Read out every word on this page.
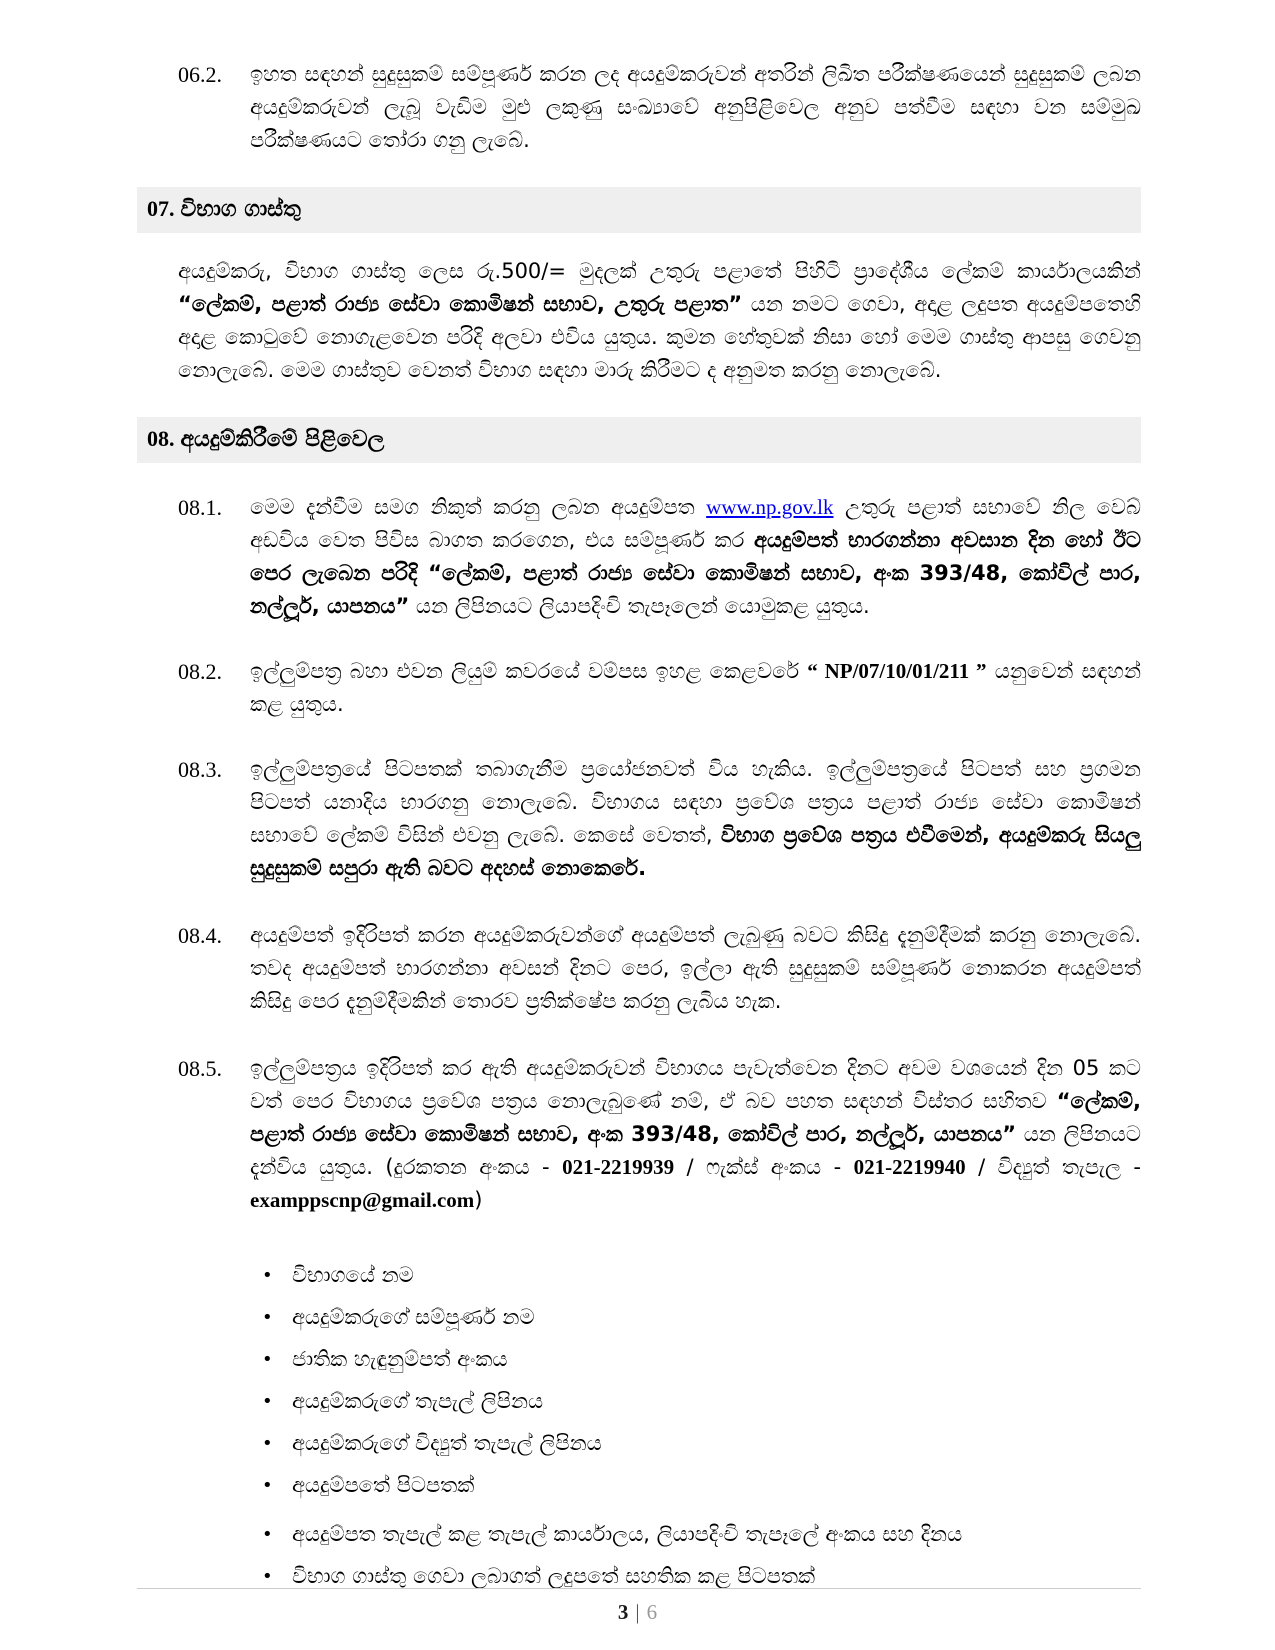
06.2.	ඉහත සඳහන් සුදුසුකම් සම්පූර්ණ කරන ලද අයදුම්කරුවන් අතරින් ලිඛිත පරීක්ෂණයෙන් සුදුසුකම් ලබන අයදුම්කරුවන් ලැබූ වැඩිම මුළු ලකුණු සංඛ්‍යාවේ අනුපිළිවෙල අනුව පත්වීම සඳහා වන සම්මුඛ පරීක්ෂණයට තෝරා ගනු ලැබේ.
07. විභාග ගාස්තු
අයදුම්කරු, විභාග ගාස්තු ලෙස රු.500/= මුදලක් උතුරු පළාතේ පිහිටි ප්‍රාදේශීය ලේකම් කාර්යාලයකින් “ලේකම්, පළාත් රාජ්‍ය සේවා කොමිෂන් සභාව, උතුරු පළාත” යන නමට ගෙවා, අදාළ ලදුපත අයදුම්පතෙහි අදාළ කොටුවේ නොගැළවෙන පරිදි අලවා එවිය යුතුය. කුමන හේතුවක් නිසා හෝ මෙම ගාස්තු ආපසු ගෙවනු නොලැබේ. මෙම ගාස්තුව වෙනත් විභාග සඳහා මාරු කිරීමට ද අනුමත කරනු නොලැබේ.
08. අයදුම්කිරීමේ පිළිවෙල
08.1.	මෙම දැන්වීම සමග නිකුත් කරනු ලබන අයදුම්පත www.np.gov.lk උතුරු පළාත් සභාවේ නිල වෙබ් අඩවිය වෙත පිවිස බාගත කරගෙන, එය සම්පූර්ණ කර අයදුම්පත් භාරගන්නා අවසාන දින හෝ ඊට පෙර ලැබෙන පරිදි “ලේකම්, පළාත් රාජ්‍ය සේවා කොමිෂන් සභාව, අංක 393/48, කෝවිල් පාර, නල්ලූර්, යාපනය” යන ලිපිනයට ලියාපදිංචි තැපෑලෙන් යොමුකළ යුතුය.
08.2.	ඉල්ලුම්පත්‍ර බහා එවන ලියුම් කවරයේ වම්පස ඉහළ කෙළවරේ “ NP/07/10/01/211 ” යනුවෙන් සඳහන් කළ යුතුය.
08.3.	ඉල්ලුම්පත්‍රයේ පිටපතක් තබාගැනීම ප්‍රයෝජනවත් විය හැකිය. ඉල්ලුම්පත්‍රයේ පිටපත් සහ ප්‍රගමන පිටපත් යනාදිය භාරගනු නොලැබේ. විභාගය සඳහා ප්‍රවේශ පත්‍රය පළාත් රාජ්‍ය සේවා කොමිෂන් සභාවේ ලේකම් විසින් එවනු ලැබේ. කෙසේ වෙතත්, විභාග ප්‍රවේශ පත්‍රය එවීමෙන්, අයදුම්කරු සියලු සුදුසුකම් සපුරා ඇති බවට අදහස් නොකෙරේ.
08.4.	අයදුම්පත් ඉදිරිපත් කරන අයදුම්කරුවන්ගේ අයදුම්පත් ලැබුණු බවට කිසිදු දැනුම්දීමක් කරනු නොලැබේ. තවද අයදුම්පත් භාරගන්නා අවසන් දිනට පෙර, ඉල්ලා ඇති සුදුසුකම් සම්පූර්ණ නොකරන අයදුම්පත් කිසිදු පෙර දැනුම්දීමකින් තොරව ප්‍රතික්ෂේප කරනු ලැබිය හැක.
08.5.	ඉල්ලුම්පත්‍රය ඉදිරිපත් කර ඇති අයදුම්කරුවන් විභාගය පැවැත්වෙන දිනට අවම වශයෙන් දින 05 කට වත් පෙර විභාගය ප්‍රවේශ පත්‍රය නොලැබුණේ නම්, ඒ බව පහත සඳහන් විස්තර සහිතව “ලේකම්, පළාත් රාජ්‍ය සේවා කොමිෂන් සභාව, අංක 393/48, කෝවිල් පාර, නල්ලූර්, යාපනය” යන ලිපිනයට දැන්විය යුතුය. (දුරකතන අංකය - 021-2219939 / ෆැක්ස් අංකය - 021-2219940 / විද්‍යුත් තැපැල - examppscnp@gmail.com)
• විභාගයේ නම
• අයදුම්කරුගේ සම්පූර්ණ නම
• ජාතික හැඳුනුම්පත් අංකය
• අයදුම්කරුගේ තැපැල් ලිපිනය
• අයදුම්කරුගේ විද්‍යුත් තැපැල් ලිපිනය
• අයදුම්පතේ පිටපතක්
• අයදුම්පත තැපැල් කළ තැපැල් කාර්යාලය, ලියාපදිංචි තැපෑලේ අංකය සහ දිනය
• විභාග ගාස්තු ගෙවා ලබාගත් ලදුපතේ සහතික කළ පිටපතක්
3 | 6
